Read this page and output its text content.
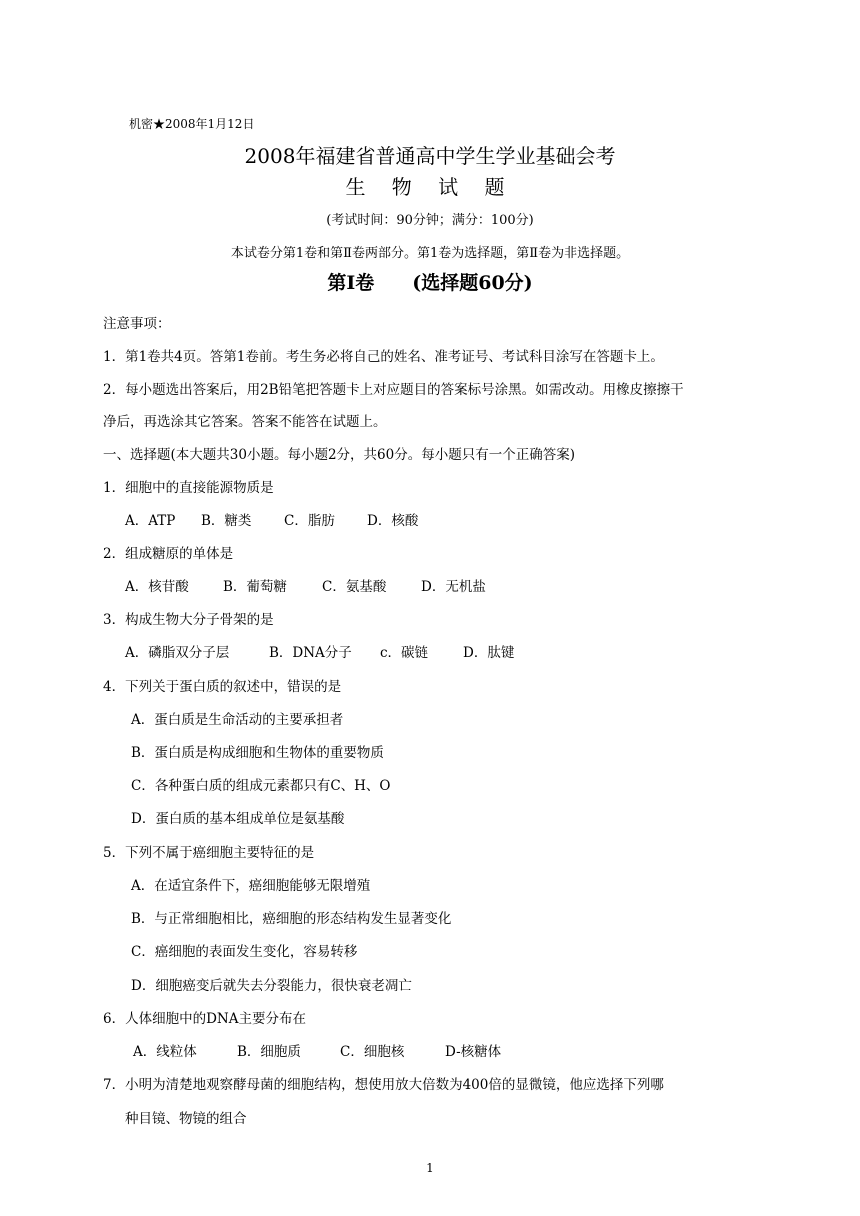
机密★2008年1月12日
2008年福建省普通高中学生学业基础会考
生 物 试 题
(考试时间：90分钟；满分：100分)
本试卷分第1卷和第Ⅱ卷两部分。第1卷为选择题，第Ⅱ卷为非选择题。
第Ⅰ卷　　(选择题60分)
注意事项：
1．第1卷共4页。答第1卷前。考生务必将自己的姓名、准考证号、考试科目涂写在答题卡上。
2．每小题选出答案后，用2B铅笔把答题卡上对应题目的答案标号涂黑。如需改动。用橡皮擦擦干
净后，再选涂其它答案。答案不能答在试题上。
一、选择题(本大题共30小题。每小题2分，共60分。每小题只有一个正确答案)
1．细胞中的直接能源物质是
A．ATP B．糖类 C．脂肪 D．核酸
2．组成糖原的单体是
A．核苷酸	B．葡萄糖	C．氨基酸	D．无机盐
3．构成生物大分子骨架的是
A．磷脂双分子层	B．DNA分子 c．碳链	D．肽键
4．下列关于蛋白质的叙述中，错误的是
A．蛋白质是生命活动的主要承担者
B．蛋白质是构成细胞和生物体的重要物质
C．各种蛋白质的组成元素都只有C、H、O
D．蛋白质的基本组成单位是氨基酸
5．下列不属于癌细胞主要特征的是
A．在适宜条件下，癌细胞能够无限增殖
B．与正常细胞相比，癌细胞的形态结构发生显著变化
C．癌细胞的表面发生变化，容易转移
D．细胞癌变后就失去分裂能力，很快衰老凋亡
6．人体细胞中的DNA主要分布在
A．线粒体	B．细胞质	C．细胞核	D-核糖体
7．小明为清楚地观察酵母菌的细胞结构，想使用放大倍数为400倍的显微镜，他应选择下列哪
种目镜、物镜的组合
1
